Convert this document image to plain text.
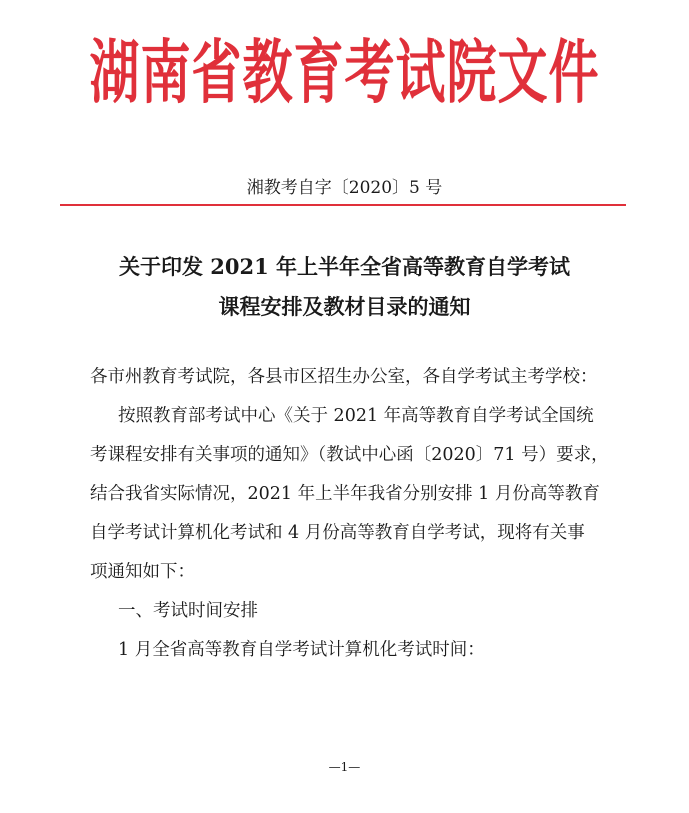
湖南省教育考试院文件
湘教考自字〔2020〕5 号
关于印发 2021 年上半年全省高等教育自学考试
课程安排及教材目录的通知
各市州教育考试院，各县市区招生办公室，各自学考试主考学校：
按照教育部考试中心《关于 2021 年高等教育自学考试全国统
考课程安排有关事项的通知》（教试中心函〔2020〕71 号）要求，
结合我省实际情况，2021 年上半年我省分别安排 1 月份高等教育
自学考试计算机化考试和 4 月份高等教育自学考试，现将有关事
项通知如下：
一、考试时间安排
1 月全省高等教育自学考试计算机化考试时间：
—1—
